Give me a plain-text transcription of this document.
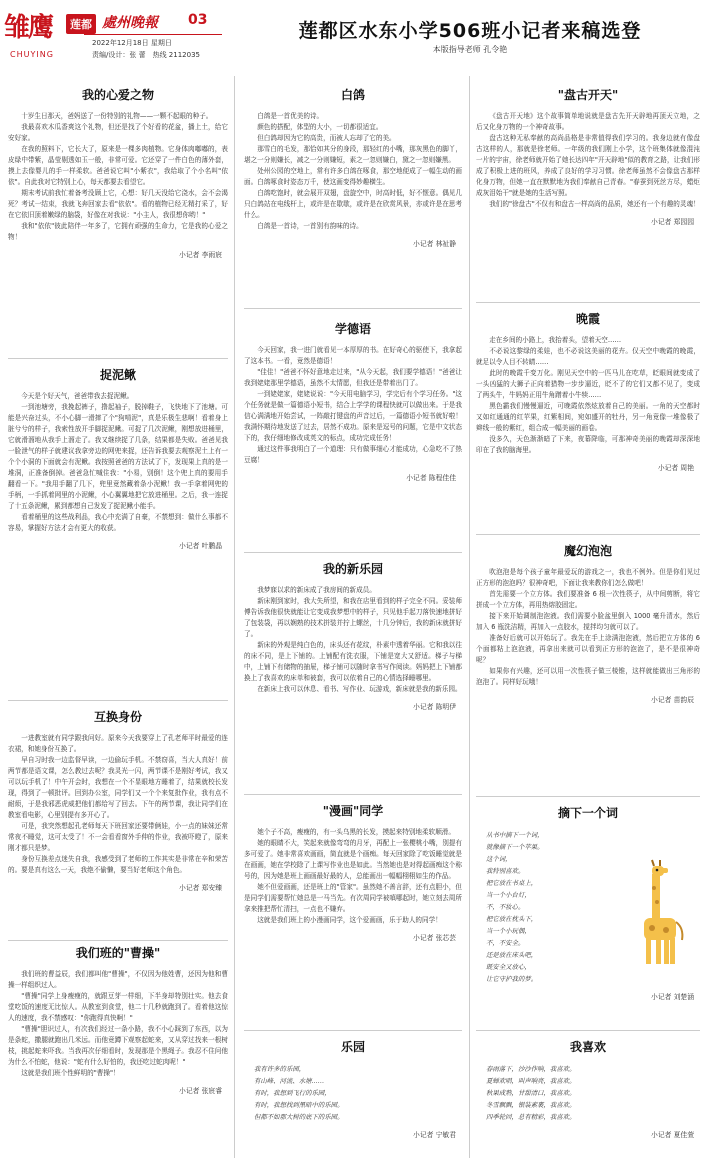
雏鹰
CHUYING
莲都 處州晚報 03
2022年12月18日 星期日
责编/设计：张 蕾　热线 2112035
莲都区水东小学506班小记者来稿选登
本版指导老师 孔令艳
我的心爱之物

十岁生日那天，爸妈送了一份特别的礼物——一颗不起眼的种子。

我最喜欢木瓜香爽这个礼物，但还是找了个好看的花盆，播上土，给它安好家。

在我的照料下，它长大了，原来是一棵多肉植物。它身体肉嘟嘟的，表皮绿中带紫，晶莹剔透如玉一般，非常可爱。它还穿了一件白色的薄外套，摸上去像婴儿的手一样柔软。爸爸说它叫"小紫衣"，我给取了个小名叫"依依"。自此我对它特别上心，每天都要去看望它。

期末考试前我忙着备考没顾上它，心想：好几天没给它浇水，会不会渴死？考试一结束，我就飞奔回家去看"依依"。看的植物已经无精打采了，好在它依旧顶着嫩绿的脑袋，好像在对我说："小主人，我很想你哟！"

我和"依依"彼此陪伴一年多了，它拥有顽强的生命力，它是我的心爱之物！

小记者 李雨宸
捉泥鳅

今天是个好天气，爸爸带我去捉泥鳅。

一到池塘旁，我挽起裤子，撸起袖子，脱掉鞋子，飞快地下了池塘。可能是兴奋过头，不小心脚一滑摔了个"狗啃泥"，真是乐极生悲啊！看着身上脏兮兮的样子，我索性放开手脚捉泥鳅。可捉了几次泥鳅，刚想放进桶里，它就滑溜地从我手上溜走了。我又继续捉了几条，结果都是失败。爸爸见我一脸泄气的样子就建议我拿旁边的网兜来捉，还告诉我要去观察泥土上有一个个小洞的下面就会有泥鳅。我按照爸爸的方法试了下，发现果上真的是一堆洞，正准备倒掉。爸爸急忙喊住我："小易，别倒！这个兜上真的要用手翻看一下。"我用手翻了几下，兜里竟然藏着条小泥鳅！我一手拿着网兜的手柄，一手抓着网里的小泥鳅，小心翼翼地把它放进桶里。之后，我一连捉了十五条泥鳅，累到都想自己发发了捉泥鳅小能手。

看着桶里的这些战利品，我心中充满了自豪，不禁想到：做什么事都不容易，掌握好方法才会有更大的收获。

小记者 叶鹏晶
互换身份

一进教室就有同学跟我问好。原来今天我要穿上了孔老师平时最爱的连衣裙，和她身份互换了。

早自习时我一边监督早读，一边偷玩手机。不禁窃喜，当大人真好！前两节都是语文课，怎么教过去呢？我灵光一闪，两节课不是刚好考试，我又可以玩手机了！中午开会时，我想在一个不显眼地方睡着了，结果就校长发现，得到了一顿批评。回到办公室，同学们又一个个来复批作业，我有点不耐烦，于是我邪恶虎威把他们都给写了回去。下午的两节课，我让同学们在教室看电影，心里别提有多开心了。

可是，我突然想起孔老师每天下班回家还要带俩娃，小一点的妹妹还常常夜不睡觉，这可太受了！不一会看看窗外手伸的作业，我被吓瞪了，原来刚才都只是梦。

身份互换差点迷失自我，我感受到了老师的工作其实是非常在辛和荣苦的。要是真有这么一天，我绝不偷懒，要当好老师这个角色。

小记者 郑安臻
我们班的"曹操"

我们班的曹益辰，我们都叫他"曹操"，不仅因为他姓曹，还因为他和曹操一样组织过人。

"曹操"同学上身瘦瘦的，就跟豆芽一样细，下半身却特别壮实。他去食堂吃饭的速度无比惊人。从教室到食堂，他二十几秒就跑到了。看着他这惊人的速度，我不禁感叹："你跑得真快啊！"

"曹操"胆识过人，有次我们经过一条小路，我不小心踩到了东西，以为是条蛇，撒腿就跑出几米远。而他竟蹲下观察起蛇来，又从穿过找来一根树枝，挑起蛇来吓我。当我再次仔细看时，发现那是个黑绳子。我忍不住问他为什么不怕蛇，他说："蛇有什么好怕的，我还吃过蛇肉呢！"

这就是我们班个性鲜明的"曹操"！

小记者 张宸睿
白鸽

白鸽是一首优美的诗。

颜色的搭配，体型的大小，一切都很适宜。

但白鸽却因为它的高贵，而被人忘却了它的美。

那雪白的毛发，那恰如其分的身段，那轻红的小嘴，那灰黑色的脚丫，堪之一分则嫌长，减之一分则嫌短，素之一忽则嫌白，黛之一忽则嫌黑。

处州公园的空地上，常有许多白鸽在啄食，那空地便成了一幅生动的画面。白鸽啄食时姿态万千，使这画变得妙趣横生。

白鸽吃饱时，就会展开双翅，盘旋空中，时高时低，好不惬意。偶见几只白鸽站在电线杆上，或许是在歇歇，或许是在欣赏风景，亦或许是在思考什么。

白鸽是一首诗，一首别有韵味的诗。

小记者 林祉静
学德语

今天回家，我一进门就看见一本厚厚的书。在好奇心的驱使下，我拿起了这本书。一看，竟然是德语！

"佳佳！"爸爸不怀好意地走过来，"从今天起，我们要学德语！"爸爸让我到姥姥那里学德语，虽然不太情愿，但我还是带着出门了。

一到姥姥家，姥姥说说："今天用电脑学习，学完后有个学习任务。"这个任务就是做一篇德语小短书，结合上学学的课程快就可以做出来。于是我信心满满地开始尝试，一阵敲打键盘的声音过后，一篇德语小短书就好啦！我满怀期待地发送了过去，居然不成功。原来是逗号的问题，它是中文状态下的，我仔细地修改成英文的标点，成功完成任务！

通过这件事我明白了一个道理：只有做事细心才能成功，心急吃不了热豆腐！

小记者 陈程佳佳
我的新乐园

我梦寐以求的新床成了我房间的新成员。

新床刚到家时，我大失所望，和我在店里看到的样子完全不同。妥装师傅告诉我他很快就能让它变成我梦想中的样子，只见他手起刀落快速地拼好了包装袋，再以娴熟的技术拼装并拧上螺丝，十几分钟后，我的新床就拼好了。

新床的外观是纯白色的，床头还有花纹，朴素中透着华丽。它和我以往的床不同，是上下铺的。上铺配有洗衣服，下铺是宽大又舒适。梯子与梯中，上铺下有储物的抽屉，梯子铺可以随时拿书写作阅读。妈妈把上下铺都换上了我喜欢的床单和被套，我可以依着自己的心情选择睡哪里。

在新床上我可以休息、看书、写作业、玩游戏，新床就是我的新乐园。

小记者 陈明伊
"漫画"同学

她个子不高，瘦瘦的，有一头乌黑的长发，摸起来特别地柔软顺滑。

她的眼睛不大，笑起来就像弯弯的月牙，再配上一张樱桃小嘴，别提有多可爱了。她非常喜欢画画，简直就是个画痴。每天回家除了吃饭睡觉就是在画画，她在学校除了上课写作业也是如此。当然她也是对得起画痴这个称号的，因为她是班上画画最好最的人，总能画出一幅幅栩栩如生的作品。

她不但爱画画，还是班上的"管家"。虽然她不善言辞，还有点胆小，但是同学们需要帮忙她总是一马当先。有次周同学被嗔哪起时，她立刻去周所拿来推把帮忙清扫，一点也不嫌弃。

这就是我们班上的小漫画同学，这个爱画画，乐于助人的同学！

小记者 张芯芸
乐园

我有许多的乐园，

有山峰、河流、水塘……

有时，我想到飞行的乐园，

有时，我想找到黑暗中的乐园。

但都不如那大树的底下的乐园。

小记者 宁敏君
"盘古开天"

《盘古开天地》这个故事简单地说就是盘古先开天辟地再顶天立地，之后又化身万物的一个神奇故事。

盘古这种无私奉献的高尚品格是非常值得我们学习的。我身边就有像盘古这样的人，那就是徐老师。一年级的我们刚上小学，这个班集体就像混沌一片的宇宙，徐老师就开始了她长达四年"开天辟地"似的教育之路，让我们形成了积极上进的班风，养成了良好的学习习惯。徐老师虽然不会像盘古那样化身万物，但她一直在默默地为我们奉献自己青春。"春蚕到死丝方尽，蜡炬成灰泪始干"就是她的生活写照。

我们的"徐盘古"不仅有和盘古一样高尚的品质，她还有一个有趣的灵魂！

小记者 郑园园
晚霞

走在乡间的小路上，我抬着头，望着天空……

不必说这黎绿的柔娃，也不必说这美丽的花卉。仅天空中晚霞的晚霞，就足以令人目不转睛……

此时的晚霞千变万化。刚见天空中的一匹马儿在吃草，眨眼间就变成了一头凶猛的大狮子正向着猎物一步步逼近，眨不了的它们又都不见了，变成了两头牛，牛妈妈正用牛角蹭着小牛犊……

黑色霸我们慢慢逼近，可晚霞依然炫放着自己的美丽。一角的天空都时又如红通通的红苹果，红紫相间，宛如盛开的牡丹，另一角竟像一堆像极了辫线一般的紫红，组合成一幅美丽的画卷。

没多久，天色渐渐暗了下来，夜幕降临，可那神奇美丽的晚霞却深深地印在了我的脑海里。

小记者 周艳
魔幻泡泡

吹泡泡是每个孩子童年最爱玩的游戏之一，我也不例外。但是你们见过正方形的泡泡吗？很神奇吧，下面让我来教你们怎么做吧！

首先需要一个立方体。我们要准备 6 根一次性筷子，从中间剪断，将它拼成一个立方体，再用热熔胶固定。

接下来开始调制泡泡液。我们需要小脸盆里倒入 1000 毫升清水，然后加入 6 瓶洗洁精，再加入一点胶水，搅拌均匀就可以了。

准备好后就可以开始玩了。我先在手上涂满泡泡液，然后把立方体的 6 个面都粘上泡泡液，再拿出来就可以看到正方形的泡泡了，是不是很神奇呢？

如果你有兴趣，还可以用一次性筷子做三棱锥，这样就能做出三角形的泡泡了。同样好玩哦！

小记者 苗韵辰
摘下一个词

从书中摘下一个词，

就像摘下一个苹果。

这个词，

我特别喜欢。

把它放在书桌上，

当一个小台灯，

不，不妆心。

把它放在枕头下，

当一个小玩偶，

不，不安全。

还是放在床头吧，

既安全又放心，

让它守护我的梦。

小记者 刘楚涵
我喜欢

春雨落下，沙沙作响，我喜欢。

夏蝉欢唱，叫声响亮，我喜欢。

秋果成熟，甘甜清口，我喜欢。

冬雪飘飘，银装素裹，我喜欢。

四季轮回，总有精彩，我喜欢。

小记者 夏佳萱
